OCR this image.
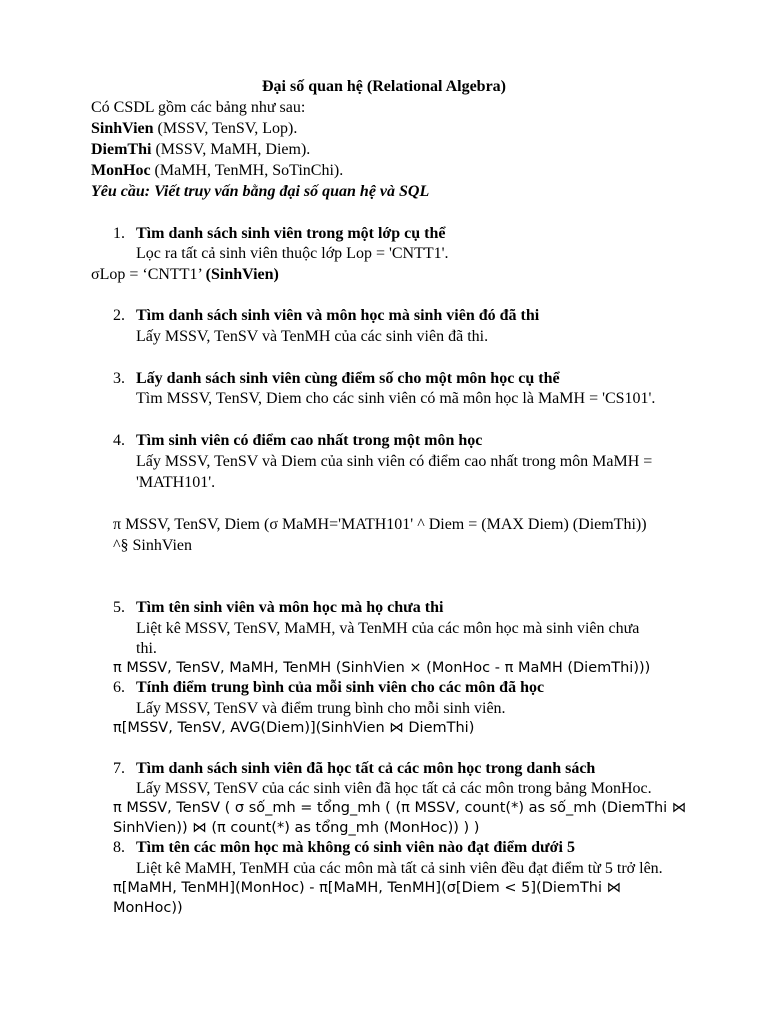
Đại số quan hệ (Relational Algebra)
Có CSDL gồm các bảng như sau:
SinhVien (MSSV, TenSV, Lop).
DiemThi (MSSV, MaMH, Diem).
MonHoc (MaMH, TenMH, SoTinChi).
Yêu cầu: Viết truy vấn bằng đại số quan hệ và SQL
1. Tìm danh sách sinh viên trong một lớp cụ thể
Lọc ra tất cả sinh viên thuộc lớp Lop = 'CNTT1'.
σLop = ‘CNTT1’ (SinhVien)
2. Tìm danh sách sinh viên và môn học mà sinh viên đó đã thi
Lấy MSSV, TenSV và TenMH của các sinh viên đã thi.
3. Lấy danh sách sinh viên cùng điểm số cho một môn học cụ thể
Tìm MSSV, TenSV, Diem cho các sinh viên có mã môn học là MaMH = 'CS101'.
4. Tìm sinh viên có điểm cao nhất trong một môn học
Lấy MSSV, TenSV và Diem của sinh viên có điểm cao nhất trong môn MaMH =
'MATH101'.
π MSSV, TenSV, Diem (σ MaMH='MATH101' ^ Diem = (MAX Diem) (DiemThi))
^§ SinhVien
5. Tìm tên sinh viên và môn học mà họ chưa thi
Liệt kê MSSV, TenSV, MaMH, và TenMH của các môn học mà sinh viên chưa
thi.
π MSSV, TenSV, MaMH, TenMH (SinhVien ⨯ (MonHoc - π MaMH (DiemThi)))
6. Tính điểm trung bình của mỗi sinh viên cho các môn đã học
Lấy MSSV, TenSV và điểm trung bình cho mỗi sinh viên.
π[MSSV, TenSV, AVG(Diem)](SinhVien ⋈ DiemThi)
7. Tìm danh sách sinh viên đã học tất cả các môn học trong danh sách
Lấy MSSV, TenSV của các sinh viên đã học tất cả các môn trong bảng MonHoc.
π MSSV, TenSV ( σ số_mh = tổng_mh ( (π MSSV, count(*) as số_mh (DiemThi ⋈
SinhVien)) ⋈ (π count(*) as tổng_mh (MonHoc)) ) )
8. Tìm tên các môn học mà không có sinh viên nào đạt điểm dưới 5
Liệt kê MaMH, TenMH của các môn mà tất cả sinh viên đều đạt điểm từ 5 trở lên.
π[MaMH, TenMH](MonHoc) - π[MaMH, TenMH](σ[Diem < 5](DiemThi ⋈
MonHoc))
